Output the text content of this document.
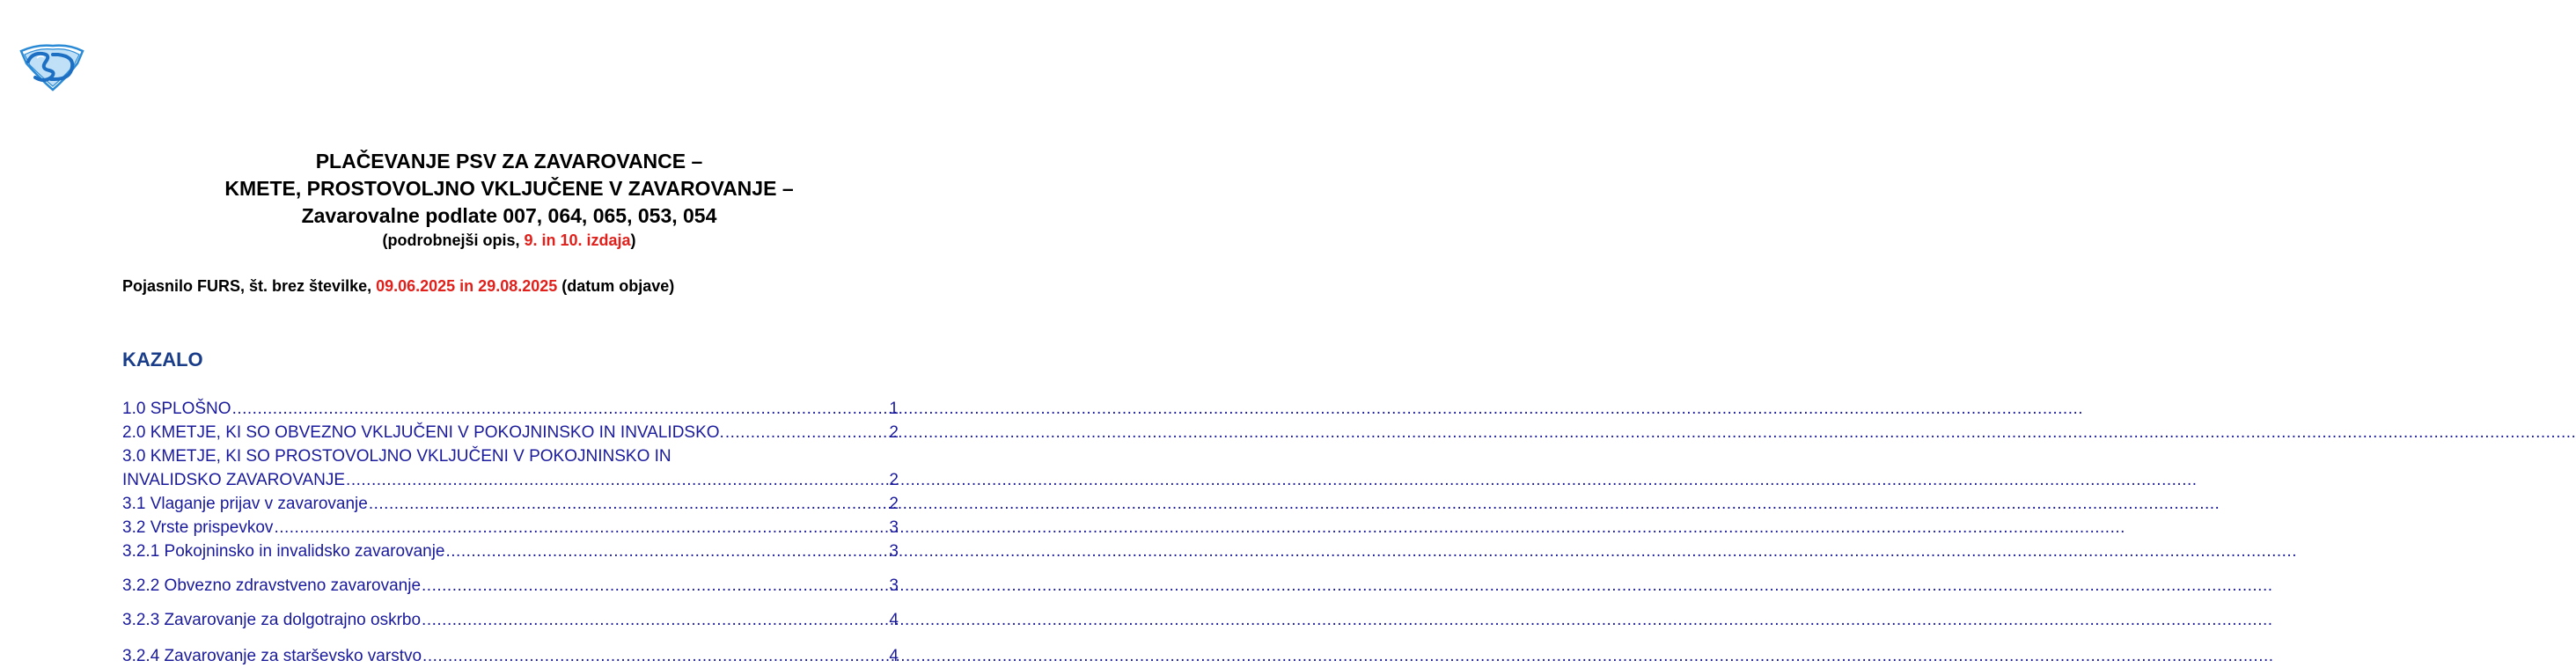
PLAČEVANJE PSV ZA ZAVAROVANCE –
KMETE, PROSTOVOLJNO VKLJUČENE V ZAVAROVANJE –
Zavarovalne podlate 007, 064, 065, 053, 054
(podrobnejši opis, 9. in 10. izdaja)
Pojasnilo FURS, št. brez številke, 09.06.2025 in 29.08.2025 (datum objave)
KAZALO
1.0 SPLOŠNO .....	1
2.0 KMETJE, KI SO OBVEZNO VKLJUČENI V POKOJNINSKO IN INVALIDSKO. .....	2
3.0 KMETJE, KI SO PROSTOVOLJNO VKLJUČENI V POKOJNINSKO IN
INVALIDSKO ZAVAROVANJE .....	2
3.1 Vlaganje prijav v zavarovanje .....	2
3.2 Vrste prispevkov .....	3
3.2.1 Pokojninsko in invalidsko zavarovanje .....	3
3.2.2 Obvezno zdravstveno zavarovanje .....	3
3.2.3 Zavarovanje za dolgotrajno oskrbo .....	4
3.2.4 Zavarovanje za starševsko varstvo .....	4
